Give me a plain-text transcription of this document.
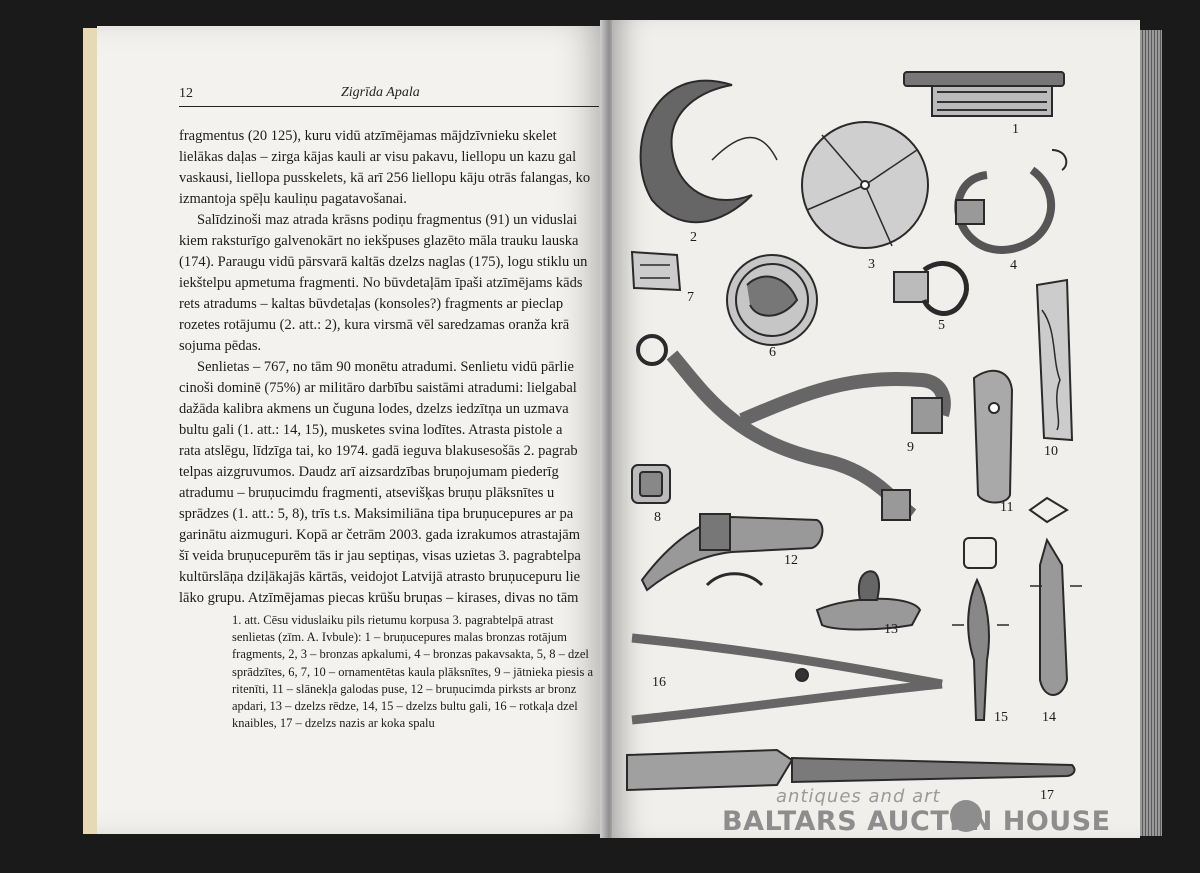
12	Zigrīda Apala

fragmentus (20 125), kuru vidū atzīmējamas mājdzīvnieku skelet

lielākas daļas – zirga kājas kauli ar visu pakavu, liellopu un kazu gal

vaskausi, liellopa pusskelets, kā arī 256 liellopu kāju otrās falangas, ko

izmantoja spēļu kauliņu pagatavošanai.

Salīdzinoši maz atrada krāsns podiņu fragmentus (91) un viduslai

kiem raksturīgo galvenokārt no iekšpuses glazēto māla trauku lauska

(174). Paraugu vidū pārsvarā kaltās dzelzs naglas (175), logu stiklu un

iekštelpu apmetuma fragmenti. No būvdetaļām īpaši atzīmējams kāds

rets atradums – kaltas būvdetaļas (konsoles?) fragments ar pieclap

rozetes rotājumu (2. att.: 2), kura virsmā vēl saredzamas oranža krā

sojuma pēdas.

Senlietas – 767, no tām 90 monētu atradumi. Senlietu vidū pārlie

cinoši dominē (75%) ar militāro darbību saistāmi atradumi: lielgabal

dažāda kalibra akmens un čuguna lodes, dzelzs iedzītņa un uzmava

bultu gali (1. att.: 14, 15), musketes svina lodītes. Atrasta pistole a

rata atslēgu, līdzīga tai, ko 1974. gadā ieguva blakusesošās 2. pagrab

telpas aizgruvumos. Daudz arī aizsardzības bruņojumam piederīg

atradumu – bruņucimdu fragmenti, atsevišķas bruņu plāksnītes u

sprādzes (1. att.: 5, 8), trīs t.s. Maksimiliāna tipa bruņucepures ar pa

garinātu aizmuguri. Kopā ar četrām 2003. gada izrakumos atrastajām

šī veida bruņucepurēm tās ir jau septiņas, visas uzietas 3. pagrabtelpa

kultūrslāņa dziļākajās kārtās, veidojot Latvijā atrasto bruņucepuru lie

lāko grupu. Atzīmējamas piecas krūšu bruņas – kirases, divas no tām

1. att. Cēsu viduslaiku pils rietumu korpusa 3. pagrabtelpā atrast

senlietas (zīm. A. Ivbule): 1 – bruņucepures malas bronzas rotājum

fragments, 2, 3 – bronzas apkalumi, 4 – bronzas pakavsakta, 5, 8 – dzel

sprādzītes, 6, 7, 10 – ornamentētas kaula plāksnītes, 9 – jātnieka piesis a

ritenīti, 11 – slānekļa galodas puse, 12 – bruņucimda pirksts ar bronz

apdari, 13 – dzelzs rēdze, 14, 15 – dzelzs bultu gali, 16 – rotkaļa dzel

knaibles, 17 – dzelzs nazis ar koka spalu

1
2
3	4
5
6
7
8
9	10
11
12
13
14
15
16
17
antiques and art
BALTARS AUCTI N HOUSE
